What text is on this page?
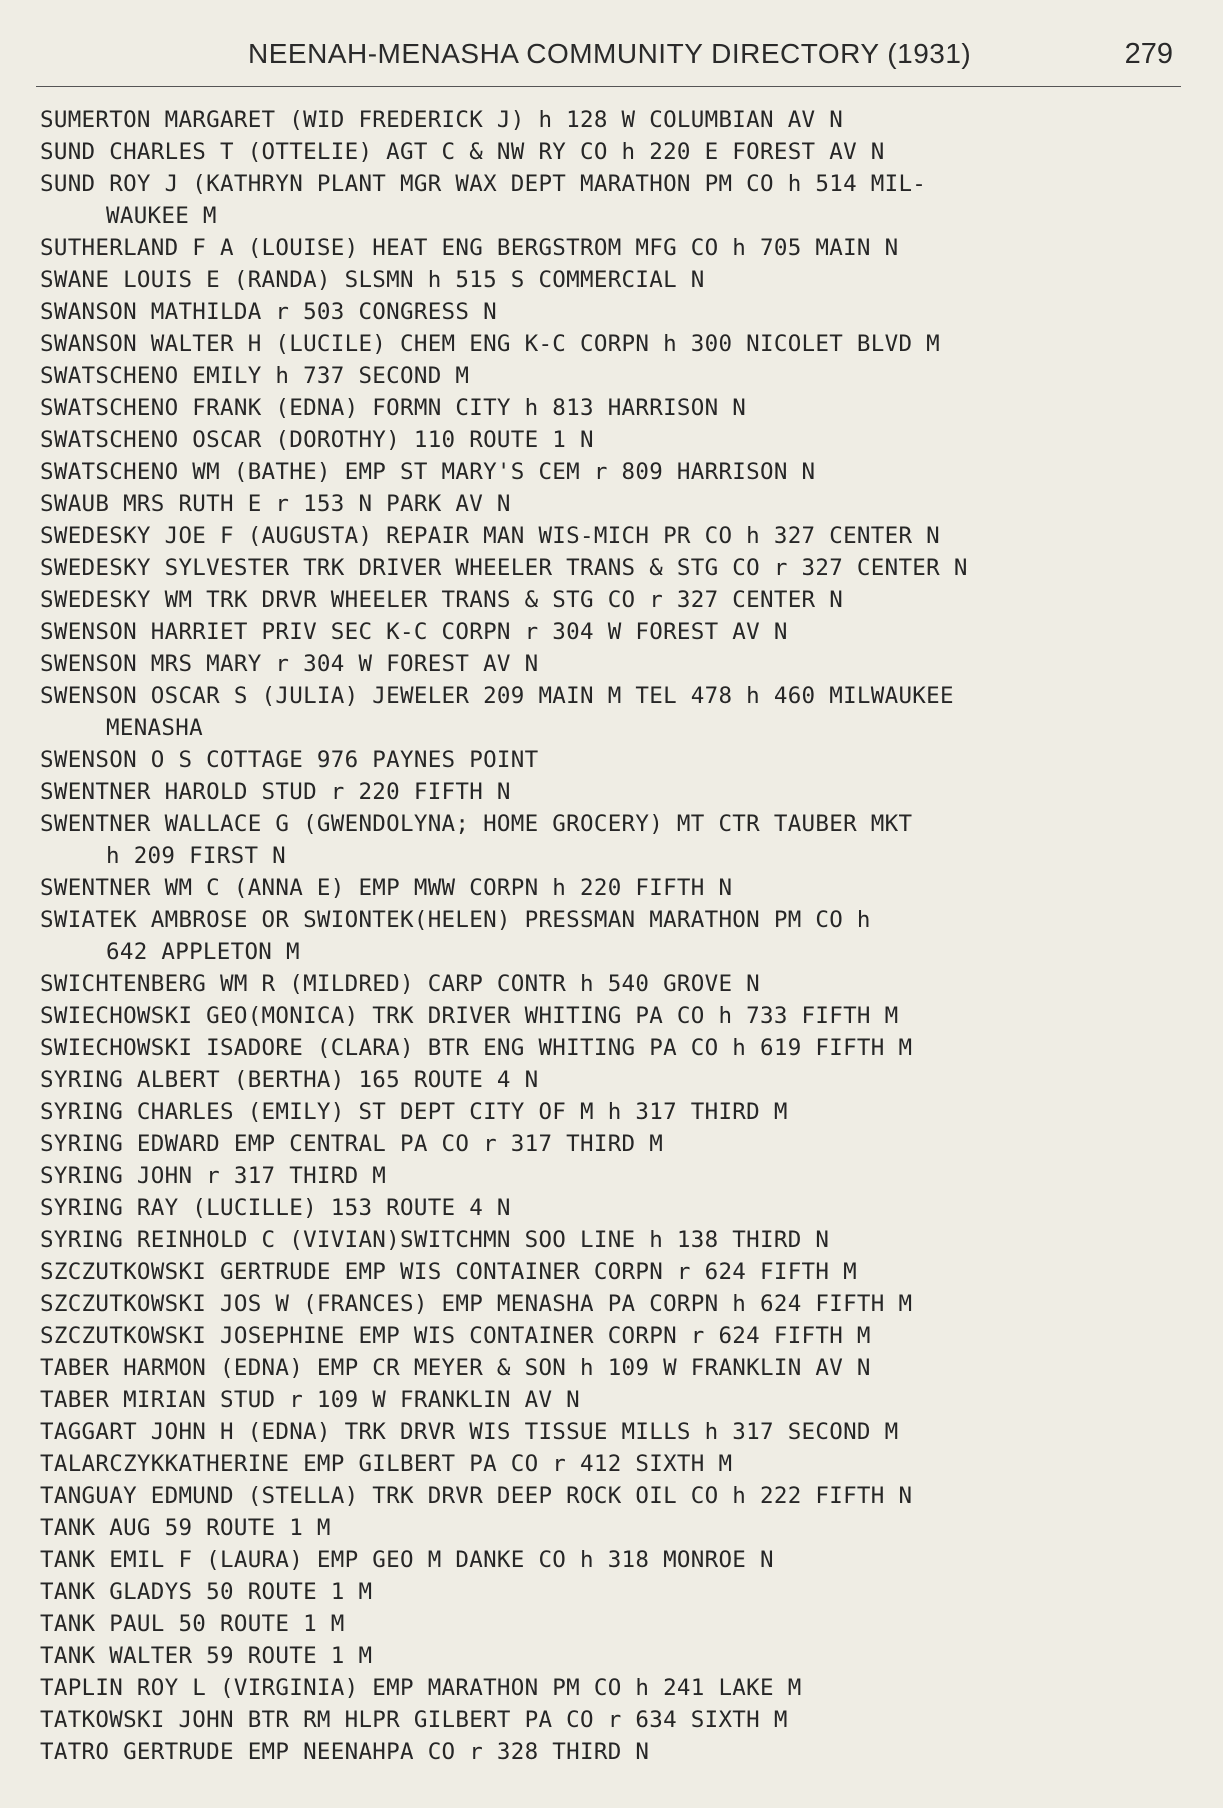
NEENAH-MENASHA COMMUNITY DIRECTORY (1931)	279
SUMERTON MARGARET (WID FREDERICK J) h 128 W COLUMBIAN AV N
SUND CHARLES T (OTTELIE) AGT C & NW RY CO h 220 E FOREST AV N
SUND ROY J (KATHRYN PLANT MGR WAX DEPT MARATHON PM CO h 514 MIL-
WAUKEE M
SUTHERLAND F A (LOUISE) HEAT ENG BERGSTROM MFG CO h 705 MAIN N
SWANE LOUIS E (RANDA) SLSMN h 515 S COMMERCIAL N
SWANSON MATHILDA r 503 CONGRESS N
SWANSON WALTER H (LUCILE) CHEM ENG K-C CORPN h 300 NICOLET BLVD M
SWATSCHENO EMILY h 737 SECOND M
SWATSCHENO FRANK (EDNA) FORMN CITY h 813 HARRISON N
SWATSCHENO OSCAR (DOROTHY) 110 ROUTE 1 N
SWATSCHENO WM (BATHE) EMP ST MARY'S CEM r 809 HARRISON N
SWAUB MRS RUTH E r 153 N PARK AV N
SWEDESKY JOE F (AUGUSTA) REPAIR MAN WIS-MICH PR CO h 327 CENTER N
SWEDESKY SYLVESTER TRK DRIVER WHEELER TRANS & STG CO r 327 CENTER N
SWEDESKY WM TRK DRVR WHEELER TRANS & STG CO r 327 CENTER N
SWENSON HARRIET PRIV SEC K-C CORPN r 304 W FOREST AV N
SWENSON MRS MARY r 304 W FOREST AV N
SWENSON OSCAR S (JULIA) JEWELER 209 MAIN M TEL 478 h 460 MILWAUKEE
MENASHA
SWENSON O S COTTAGE 976 PAYNES POINT
SWENTNER HAROLD STUD r 220 FIFTH N
SWENTNER WALLACE G (GWENDOLYNA; HOME GROCERY) MT CTR TAUBER MKT
h 209 FIRST N
SWENTNER WM C (ANNA E) EMP MWW CORPN h 220 FIFTH N
SWIATEK AMBROSE OR SWIONTEK(HELEN) PRESSMAN MARATHON PM CO h
642 APPLETON M
SWICHTENBERG WM R (MILDRED) CARP CONTR h 540 GROVE N
SWIECHOWSKI GEO(MONICA) TRK DRIVER WHITING PA CO h 733 FIFTH M
SWIECHOWSKI ISADORE (CLARA) BTR ENG WHITING PA CO h 619 FIFTH M
SYRING ALBERT (BERTHA) 165 ROUTE 4 N
SYRING CHARLES (EMILY) ST DEPT CITY OF M h 317 THIRD M
SYRING EDWARD EMP CENTRAL PA CO r 317 THIRD M
SYRING JOHN r 317 THIRD M
SYRING RAY (LUCILLE) 153 ROUTE 4 N
SYRING REINHOLD C (VIVIAN)SWITCHMN SOO LINE h 138 THIRD N
SZCZUTKOWSKI GERTRUDE EMP WIS CONTAINER CORPN r 624 FIFTH M
SZCZUTKOWSKI JOS W (FRANCES) EMP MENASHA PA CORPN h 624 FIFTH M
SZCZUTKOWSKI JOSEPHINE EMP WIS CONTAINER CORPN r 624 FIFTH M
TABER HARMON (EDNA) EMP CR MEYER & SON h 109 W FRANKLIN AV N
TABER MIRIAN STUD r 109 W FRANKLIN AV N
TAGGART JOHN H (EDNA) TRK DRVR WIS TISSUE MILLS h 317 SECOND M
TALARCZYKKATHERINE EMP GILBERT PA CO r 412 SIXTH M
TANGUAY EDMUND (STELLA) TRK DRVR DEEP ROCK OIL CO h 222 FIFTH N
TANK AUG 59 ROUTE 1 M
TANK EMIL F (LAURA) EMP GEO M DANKE CO h 318 MONROE N
TANK GLADYS 50 ROUTE 1 M
TANK PAUL 50 ROUTE 1 M
TANK WALTER 59 ROUTE 1 M
TAPLIN ROY L (VIRGINIA) EMP MARATHON PM CO h 241 LAKE M
TATKOWSKI JOHN BTR RM HLPR GILBERT PA CO r 634 SIXTH M
TATRO GERTRUDE EMP NEENAHPA CO r 328 THIRD N
